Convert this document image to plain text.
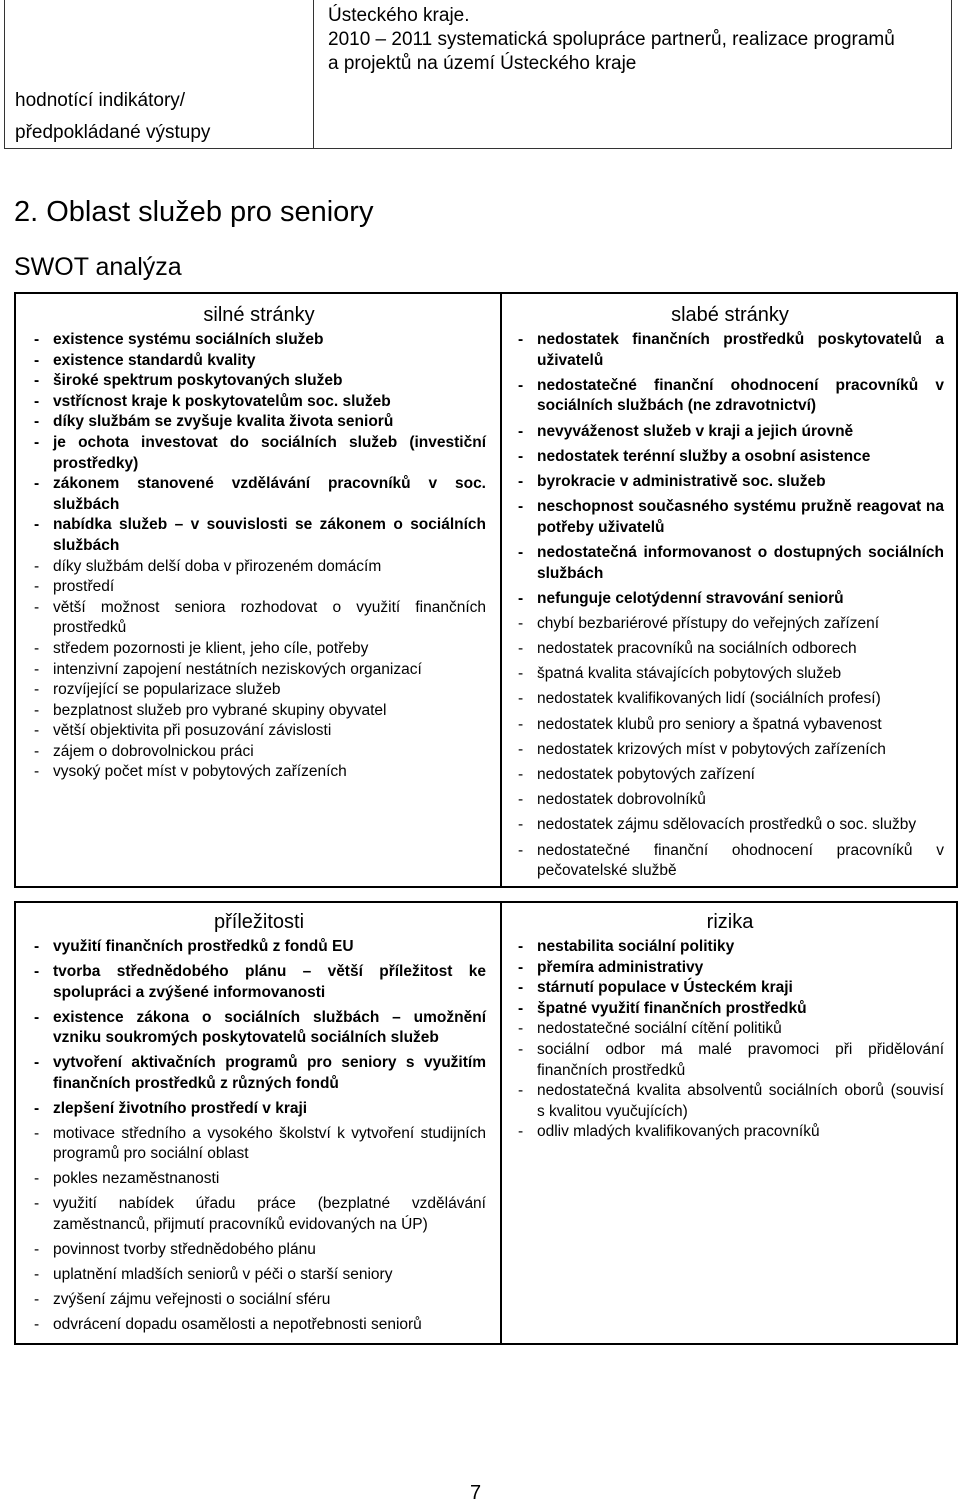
hodnotící indikátory/
předpokládané výstupy
Ústeckého kraje.
2010 – 2011 systematická spolupráce partnerů, realizace programů
a projektů na území Ústeckého kraje
2. Oblast služeb pro seniory
SWOT analýza
silné stránky
- existence systému sociálních služeb
- existence standardů kvality
- široké spektrum poskytovaných služeb
- vstřícnost kraje k poskytovatelům soc. služeb
- díky službám se zvyšuje kvalita života seniorů
- je ochota investovat do sociálních služeb (investiční prostředky)
- zákonem stanovené vzdělávání pracovníků v soc. službách
- nabídka služeb – v souvislosti se zákonem o sociálních službách
- díky službám delší doba v přirozeném domácím
- prostředí
- větší možnost seniora rozhodovat o využití finančních prostředků
- středem pozornosti je klient, jeho cíle, potřeby
- intenzivní zapojení nestátních neziskových organizací
- rozvíjející se popularizace služeb
- bezplatnost služeb pro vybrané skupiny obyvatel
- větší objektivita při posuzování závislosti
- zájem o dobrovolnickou práci
- vysoký počet míst v pobytových zařízeních
slabé stránky
- nedostatek finančních prostředků poskytovatelů a uživatelů
- nedostatečné finanční ohodnocení pracovníků v sociálních službách (ne zdravotnictví)
- nevyváženost služeb v kraji a jejich úrovně
- nedostatek terénní služby a osobní asistence
- byrokracie v administrativě soc. služeb
- neschopnost současného systému pružně reagovat na potřeby uživatelů
- nedostatečná informovanost o dostupných sociálních službách
- nefunguje celotýdenní stravování seniorů
- chybí bezbariérové přístupy do veřejných zařízení
- nedostatek pracovníků na sociálních odborech
- špatná kvalita stávajících pobytových služeb
- nedostatek kvalifikovaných lidí (sociálních profesí)
- nedostatek klubů pro seniory a špatná vybavenost
- nedostatek krizových míst v pobytových zařízeních
- nedostatek pobytových zařízení
- nedostatek dobrovolníků
- nedostatek zájmu sdělovacích prostředků o soc. služby
- nedostatečné finanční ohodnocení pracovníků v pečovatelské službě
příležitosti
- využití finančních prostředků z fondů EU
- tvorba střednědobého plánu – větší příležitost ke spolupráci a zvýšené informovanosti
- existence zákona o sociálních službách – umožnění vzniku soukromých poskytovatelů sociálních služeb
- vytvoření aktivačních programů pro seniory s využitím finančních prostředků z různých fondů
- zlepšení životního prostředí v kraji
- motivace středního a vysokého školství k vytvoření studijních programů pro sociální oblast
- pokles nezaměstnanosti
- využití nabídek úřadu práce (bezplatné vzdělávání zaměstnanců, přijmutí pracovníků evidovaných na ÚP)
- povinnost tvorby střednědobého plánu
- uplatnění mladších seniorů v péči o starší seniory
- zvýšení zájmu veřejnosti o sociální sféru
- odvrácení dopadu osamělosti a nepotřebnosti seniorů
rizika
- nestabilita sociální politiky
- přemíra administrativy
- stárnutí populace v Ústeckém kraji
- špatné využití finančních prostředků
- nedostatečné sociální cítění politiků
- sociální odbor má malé pravomoci při přidělování finančních prostředků
- nedostatečná kvalita absolventů sociálních oborů (souvisí s kvalitou vyučujících)
- odliv mladých kvalifikovaných pracovníků
7
